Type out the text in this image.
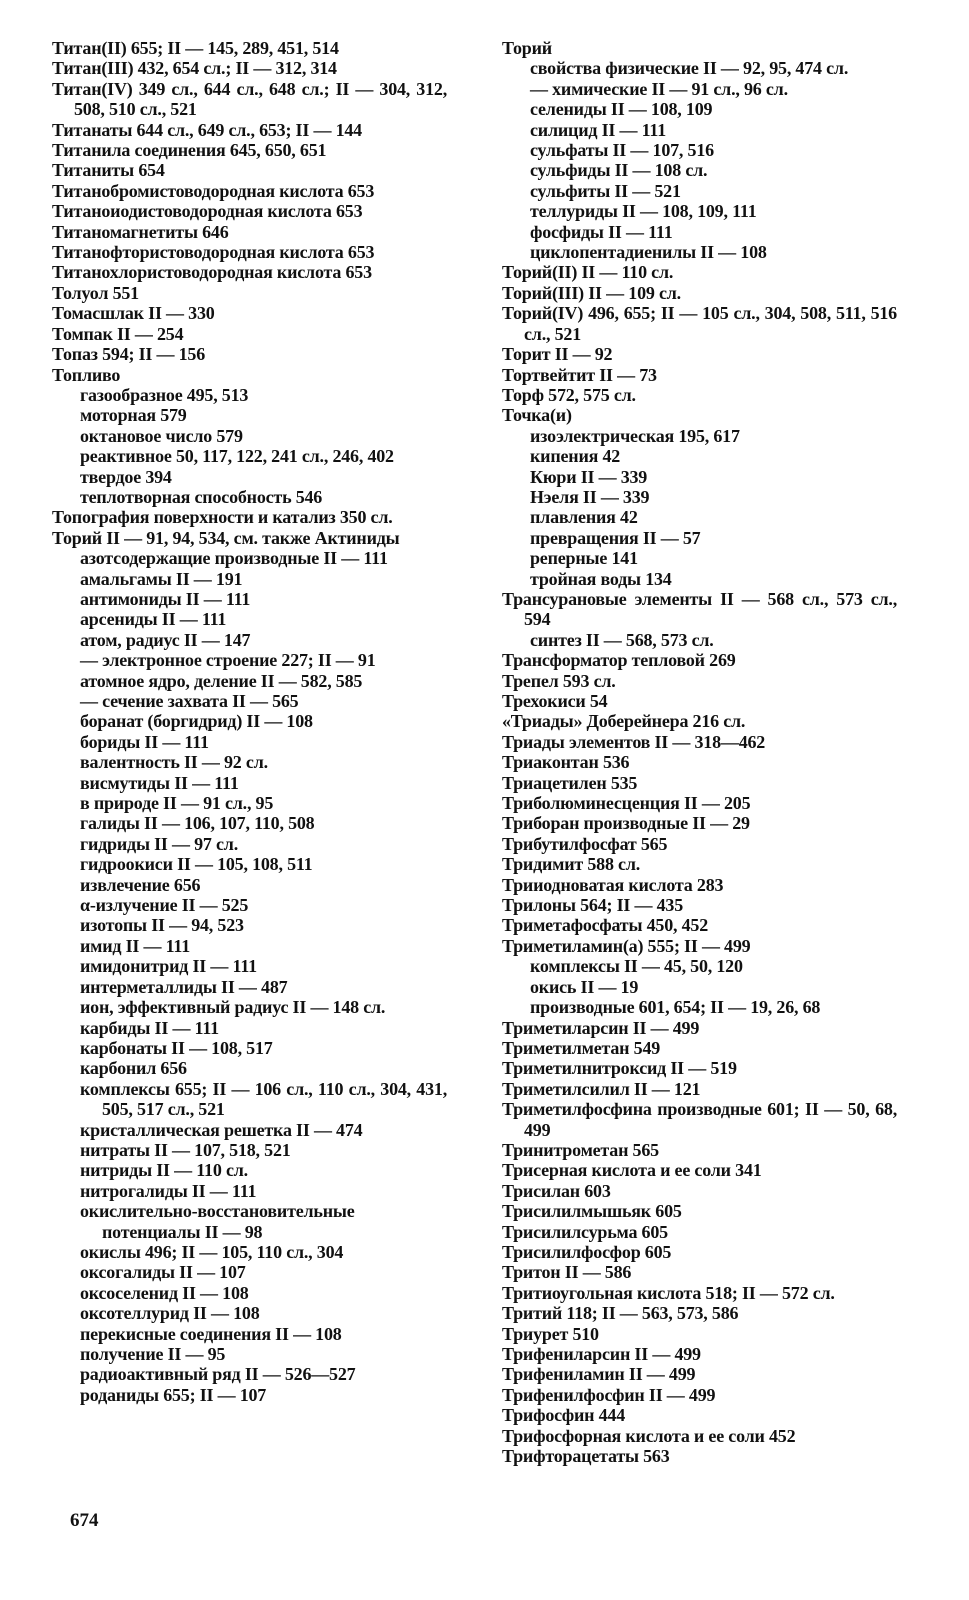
Титан(II) 655; II — 145, 289, 451, 514
Титан(III) 432, 654 сл.; II — 312, 314
Титан(IV) 349 сл., 644 сл., 648 сл.; II — 304, 312, 508, 510 сл., 521
Титанаты 644 сл., 649 сл., 653; II — 144
Титанила соединения 645, 650, 651
Титаниты 654
Титанобромистоводородная кислота 653
Титаноиодистоводородная кислота 653
Титаномагнетиты 646
Титанофтористоводородная кислота 653
Титанохлористоводородная кислота 653
Толуол 551
Томасшлак II — 330
Томпак II — 254
Топаз 594; II — 156
Топливо
газообразное 495, 513
моторная 579
октановое число 579
реактивное 50, 117, 122, 241 сл., 246, 402
твердое 394
теплотворная способность 546
Топография поверхности и катализ 350 сл.
Торий II — 91, 94, 534, см. также Актиниды
азотсодержащие производные II — 111
амальгамы II — 191
антимониды II — 111
арсениды II — 111
атом, радиус II — 147
— электронное строение 227; II — 91
атомное ядро, деление II — 582, 585
— сечение захвата II — 565
боранат (боргидрид) II — 108
бориды II — 111
валентность II — 92 сл.
висмутиды II — 111
в природе II — 91 сл., 95
галиды II — 106, 107, 110, 508
гидриды II — 97 сл.
гидроокиси II — 105, 108, 511
извлечение 656
α-излучение II — 525
изотопы II — 94, 523
имид II — 111
имидонитрид II — 111
интерметаллиды II — 487
ион, эффективный радиус II — 148 сл.
карбиды II — 111
карбонаты II — 108, 517
карбонил 656
комплексы 655; II — 106 сл., 110 сл., 304, 431, 505, 517 сл., 521
кристаллическая решетка II — 474
нитраты II — 107, 518, 521
нитриды II — 110 сл.
нитрогалиды II — 111
окислительно-восстановительные потенциалы II — 98
окислы 496; II — 105, 110 сл., 304
оксогалиды II — 107
оксоселенид II — 108
оксотеллурид II — 108
перекисные соединения II — 108
получение II — 95
радиоактивный ряд II — 526—527
роданиды 655; II — 107
Торий
свойства физические II — 92, 95, 474 сл.
— химические II — 91 сл., 96 сл.
селениды II — 108, 109
силицид II — 111
сульфаты II — 107, 516
сульфиды II — 108 сл.
сульфиты II — 521
теллуриды II — 108, 109, 111
фосфиды II — 111
циклопентадиенилы II — 108
Торий(II) II — 110 сл.
Торий(III) II — 109 сл.
Торий(IV) 496, 655; II — 105 сл., 304, 508, 511, 516 сл., 521
Торит II — 92
Тортвейтит II — 73
Торф 572, 575 сл.
Точка(и)
изоэлектрическая 195, 617
кипения 42
Кюри II — 339
Нэеля II — 339
плавления 42
превращения II — 57
реперные 141
тройная воды 134
Трансурановые элементы II — 568 сл., 573 сл., 594
синтез II — 568, 573 сл.
Трансформатор тепловой 269
Трепел 593 сл.
Трехокиси 54
«Триады» Доберейнера 216 сл.
Триады элементов II — 318—462
Триаконтан 536
Триацетилен 535
Триболюминесценция II — 205
Триборан производные II — 29
Трибутилфосфат 565
Тридимит 588 сл.
Трииодноватая кислота 283
Трилоны 564; II — 435
Триметафосфаты 450, 452
Триметиламин(а) 555; II — 499
комплексы II — 45, 50, 120
окись II — 19
производные 601, 654; II — 19, 26, 68
Триметиларсин II — 499
Триметилметан 549
Триметилнитроксид II — 519
Триметилсилил II — 121
Триметилфосфина производные 601; II — 50, 68, 499
Тринитрометан 565
Трисерная кислота и ее соли 341
Трисилан 603
Трисилилмышьяк 605
Трисилилсурьма 605
Трисилилфосфор 605
Тритон II — 586
Тритиоугольная кислота 518; II — 572 сл.
Тритий 118; II — 563, 573, 586
Триурет 510
Трифениларсин II — 499
Трифениламин II — 499
Трифенилфосфин II — 499
Трифосфин 444
Трифосфорная кислота и ее соли 452
Трифторацетаты 563
674
